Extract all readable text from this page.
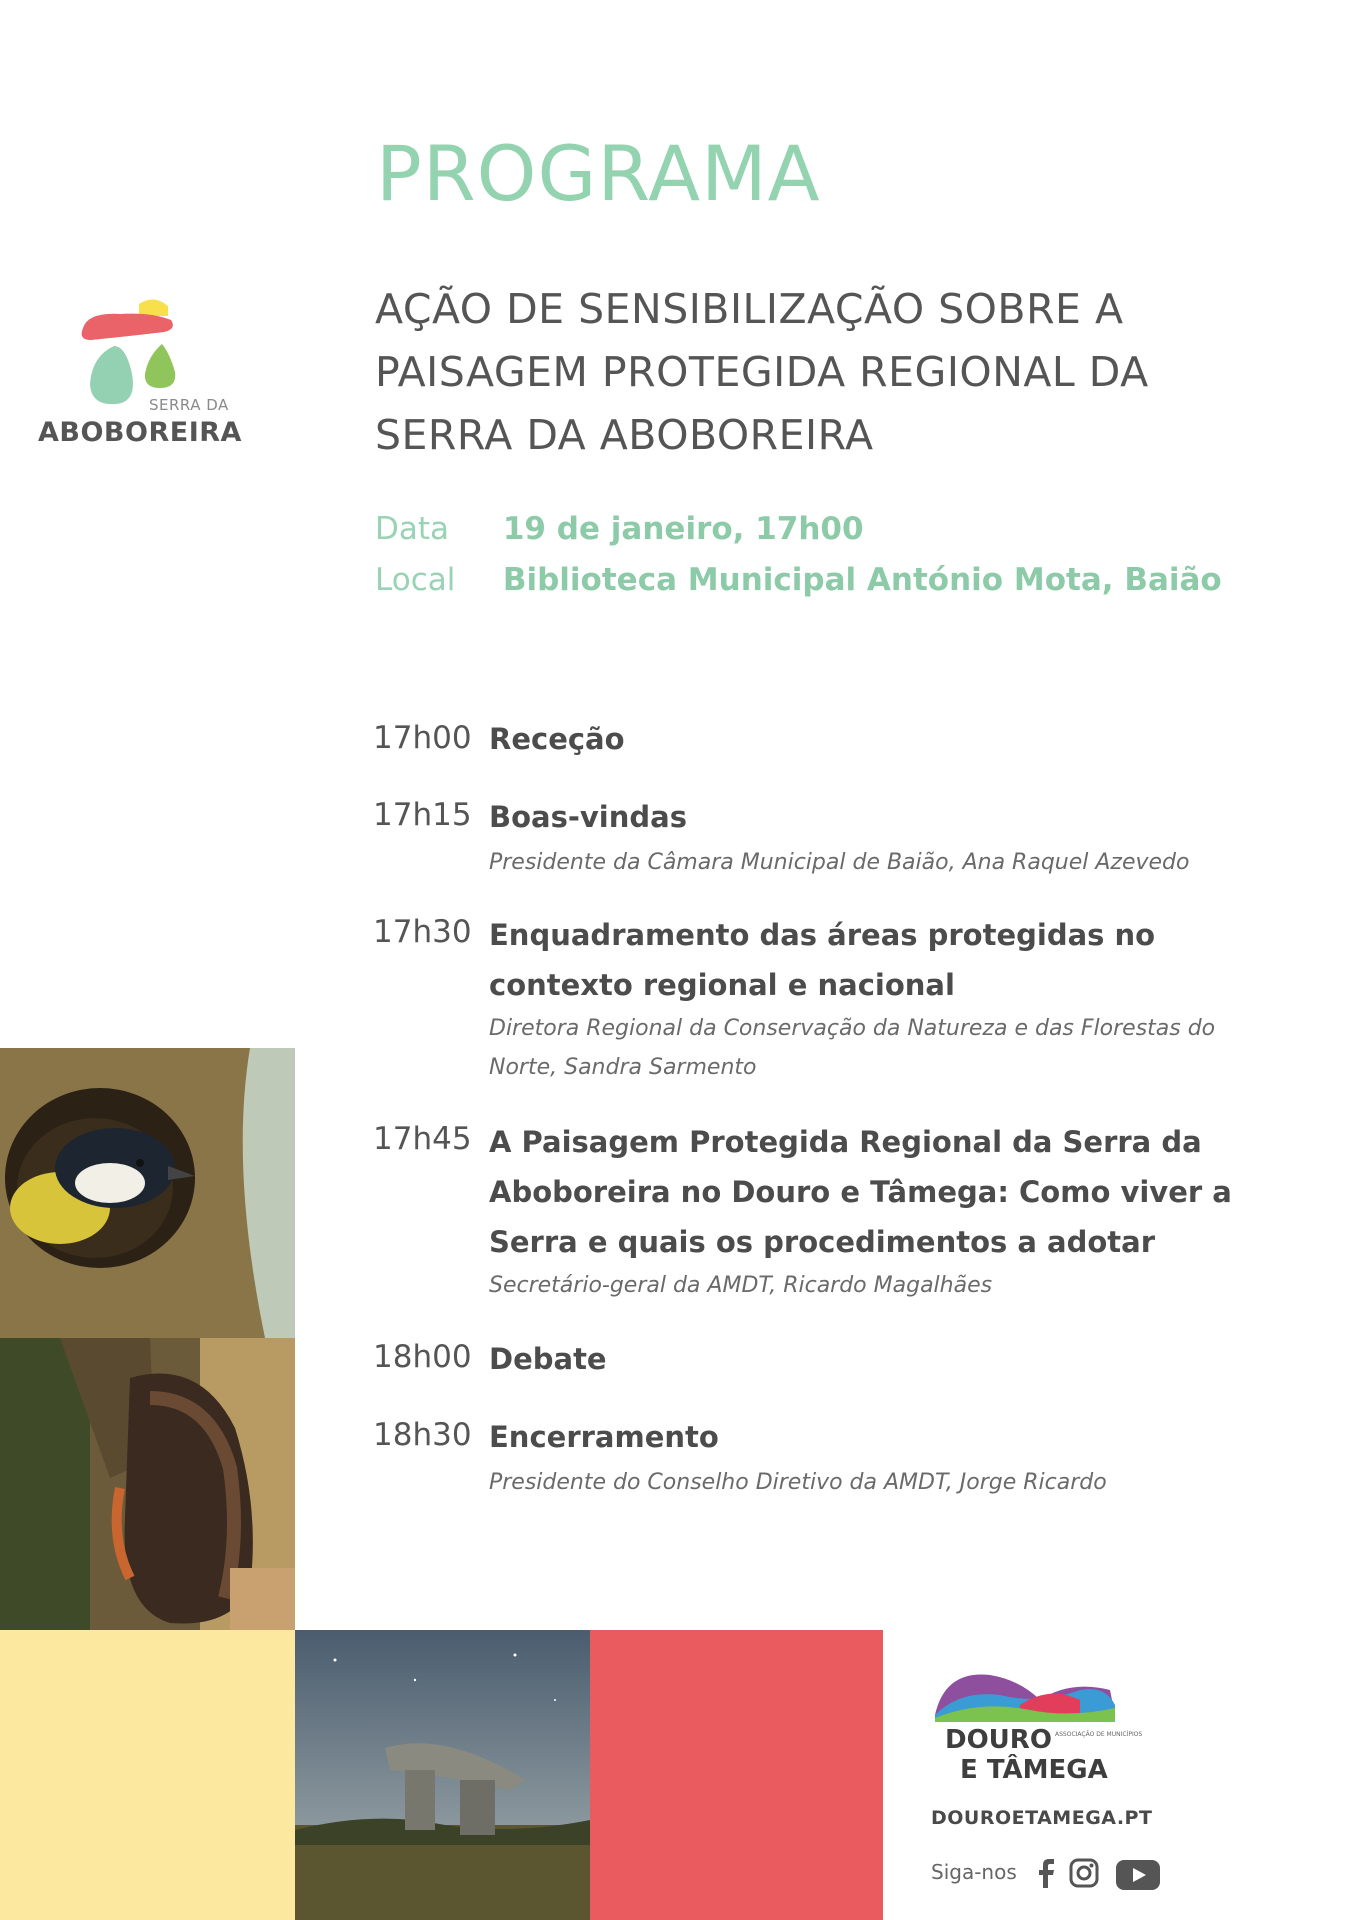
SERRA DA
ABOBOREIRA
PROGRAMA
AÇÃO DE SENSIBILIZAÇÃO SOBRE A PAISAGEM PROTEGIDA REGIONAL DA SERRA DA ABOBOREIRA
Data 19 de janeiro, 17h00
Local Biblioteca Municipal António Mota, Baião
17h00 Receção
17h15 Boas-vindas
Presidente da Câmara Municipal de Baião, Ana Raquel Azevedo
17h30 Enquadramento das áreas protegidas no contexto regional e nacional
Diretora Regional da Conservação da Natureza e das Florestas do Norte, Sandra Sarmento
17h45 A Paisagem Protegida Regional da Serra da Aboboreira no Douro e Tâmega: Como viver a Serra e quais os procedimentos a adotar
Secretário-geral da AMDT, Ricardo Magalhães
18h00 Debate
18h30 Encerramento
Presidente do Conselho Diretivo da AMDT, Jorge Ricardo
DOURO ASSOCIAÇÃO DE MUNICÍPIOS
E TÂMEGA
DOUROETAMEGA.PT
Siga-nos
